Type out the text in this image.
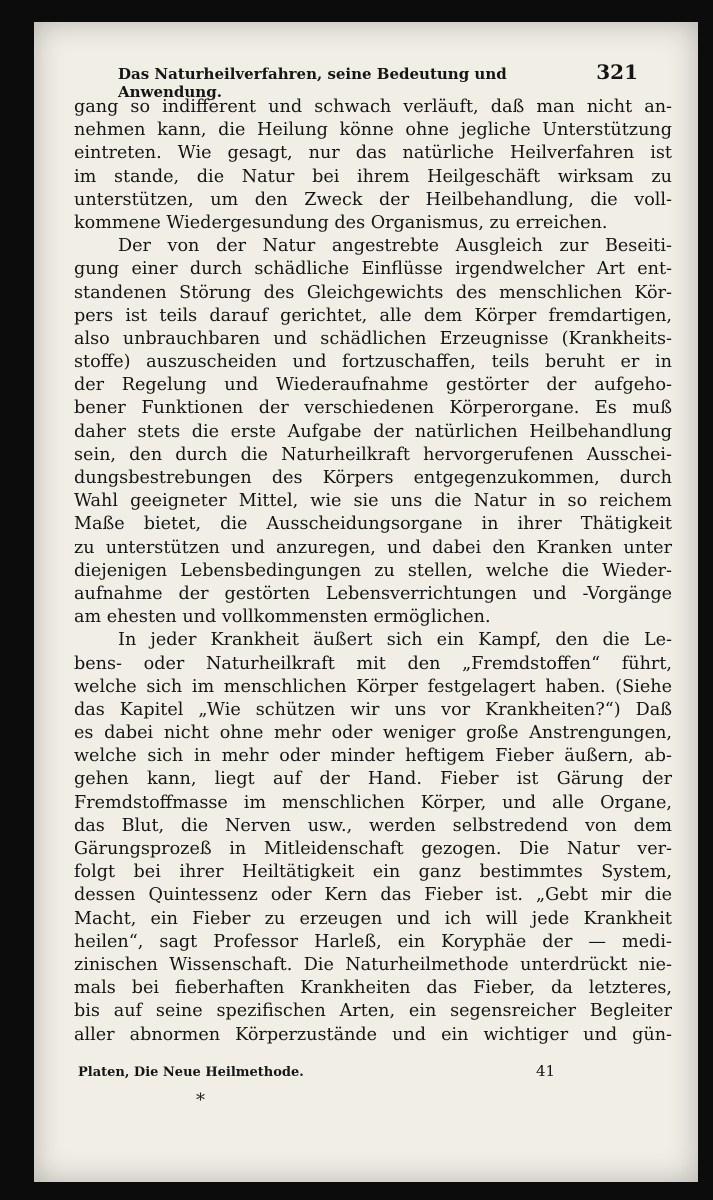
Das Naturheilverfahren, seine Bedeutung und Anwendung.
321
gang so indifferent und schwach verläuft, daß man nicht an-
nehmen kann, die Heilung könne ohne jegliche Unterstützung
eintreten. Wie gesagt, nur das natürliche Heilverfahren ist
im stande, die Natur bei ihrem Heilgeschäft wirksam zu
unterstützen, um den Zweck der Heilbehandlung, die voll-
kommene Wiedergesundung des Organismus, zu erreichen.
Der von der Natur angestrebte Ausgleich zur Beseiti-
gung einer durch schädliche Einflüsse irgendwelcher Art ent-
standenen Störung des Gleichgewichts des menschlichen Kör-
pers ist teils darauf gerichtet, alle dem Körper fremdartigen,
also unbrauchbaren und schädlichen Erzeugnisse (Krankheits-
stoffe) auszuscheiden und fortzuschaffen, teils beruht er in
der Regelung und Wiederaufnahme gestörter der aufgeho-
bener Funktionen der verschiedenen Körperorgane. Es muß
daher stets die erste Aufgabe der natürlichen Heilbehandlung
sein, den durch die Naturheilkraft hervorgerufenen Ausschei-
dungsbestrebungen des Körpers entgegenzukommen, durch
Wahl geeigneter Mittel, wie sie uns die Natur in so reichem
Maße bietet, die Ausscheidungsorgane in ihrer Thätigkeit
zu unterstützen und anzuregen, und dabei den Kranken unter
diejenigen Lebensbedingungen zu stellen, welche die Wieder-
aufnahme der gestörten Lebensverrichtungen und -Vorgänge
am ehesten und vollkommensten ermöglichen.
In jeder Krankheit äußert sich ein Kampf, den die Le-
bens- oder Naturheilkraft mit den „Fremdstoffen“ führt,
welche sich im menschlichen Körper festgelagert haben. (Siehe
das Kapitel „Wie schützen wir uns vor Krankheiten?“) Daß
es dabei nicht ohne mehr oder weniger große Anstrengungen,
welche sich in mehr oder minder heftigem Fieber äußern, ab-
gehen kann, liegt auf der Hand. Fieber ist Gärung der
Fremdstoffmasse im menschlichen Körper, und alle Organe,
das Blut, die Nerven usw., werden selbstredend von dem
Gärungsprozeß in Mitleidenschaft gezogen. Die Natur ver-
folgt bei ihrer Heiltätigkeit ein ganz bestimmtes System,
dessen Quintessenz oder Kern das Fieber ist. „Gebt mir die
Macht, ein Fieber zu erzeugen und ich will jede Krankheit
heilen“, sagt Professor Harleß, ein Koryphäe der — medi-
zinischen Wissenschaft. Die Naturheilmethode unterdrückt nie-
mals bei fieberhaften Krankheiten das Fieber, da letzteres,
bis auf seine spezifischen Arten, ein segensreicher Begleiter
aller abnormen Körperzustände und ein wichtiger und gün-
Platen, Die Neue Heilmethode.	41
*
